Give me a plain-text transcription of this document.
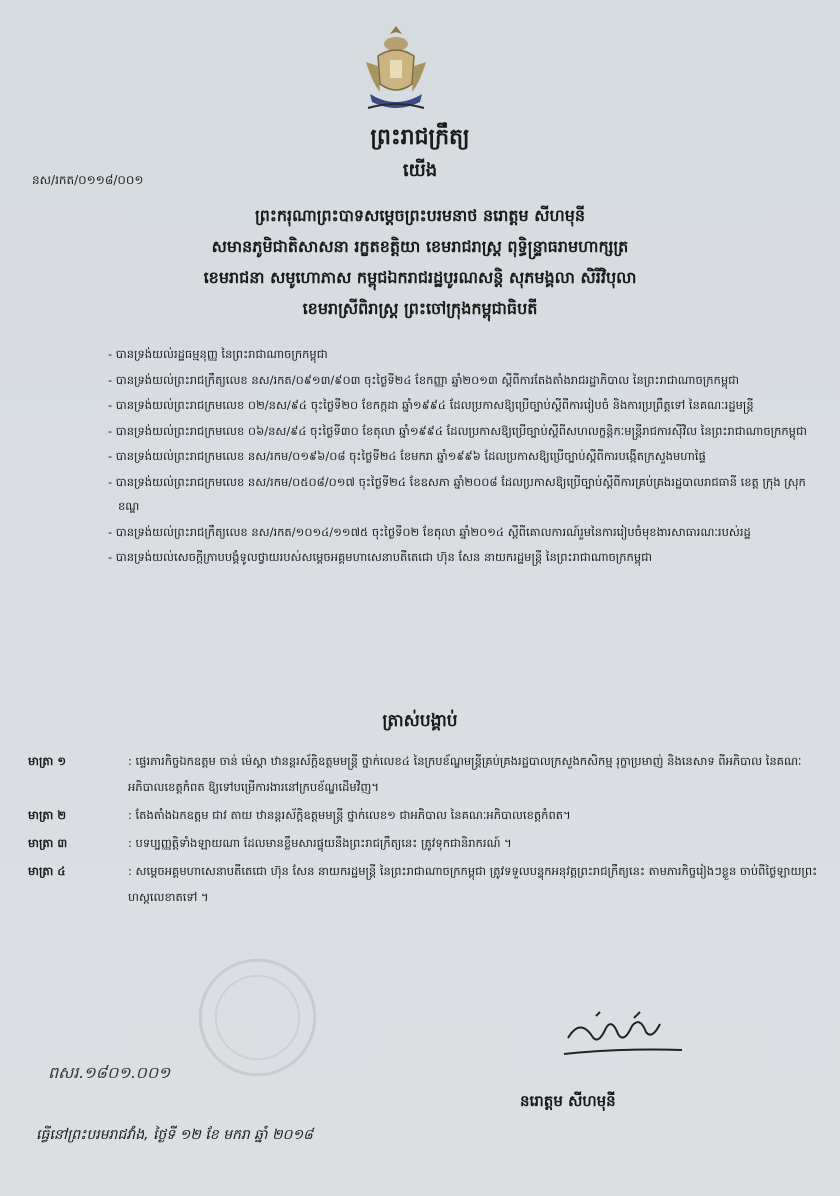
ព្រះរាជក្រឹត្យ
នស/រកត/០១១៨/០០១	យើង
ព្រះករុណាព្រះបាទសម្តេចព្រះបរមនាថ នរោត្តម សីហមុនី
សមានភូមិជាតិសាសនា រក្ខតខត្តិយា ខេមរាជរាស្ត្រ ពុទ្ធិន្ទ្រាធរាមហាក្សត្រ
ខេមរាជនា សមូហោភាស កម្ពុជឯករាជរដ្ឋបូរណសន្តិ សុភមង្គលា សិរីវិបុលា
ខេមរាស្រីពិរាស្ត្រ ព្រះចៅក្រុងកម្ពុជាធិបតី
- បានទ្រង់យល់រដ្ឋធម្មនុញ្ញ នៃព្រះរាជាណាចក្រកម្ពុជា
- បានទ្រង់យល់ព្រះរាជក្រឹត្យលេខ នស/រកត/០៩១៣/៩០៣ ចុះថ្ងៃទី២៤ ខែកញ្ញា ឆ្នាំ២០១៣ ស្តីពីការតែងតាំងរាជរដ្ឋាភិបាល នៃព្រះរាជាណាចក្រកម្ពុជា
- បានទ្រង់យល់ព្រះរាជក្រមលេខ ០២/នស/៩៤ ចុះថ្ងៃទី២០ ខែកក្កដា ឆ្នាំ១៩៩៤ ដែលប្រកាសឱ្យប្រើច្បាប់ស្តីពីការរៀបចំ និងការប្រព្រឹត្តទៅ នៃគណៈរដ្ឋមន្ត្រី
- បានទ្រង់យល់ព្រះរាជក្រមលេខ ០៦/នស/៩៤ ចុះថ្ងៃទី៣០ ខែតុលា ឆ្នាំ១៩៩៤ ដែលប្រកាសឱ្យប្រើច្បាប់ស្តីពីសហលក្ខន្តិកៈមន្ត្រីរាជការស៊ីវិល នៃព្រះរាជាណាចក្រកម្ពុជា
- បានទ្រង់យល់ព្រះរាជក្រមលេខ នស/រកម/០១៩៦/០៨ ចុះថ្ងៃទី២៤ ខែមករា ឆ្នាំ១៩៩៦ ដែលប្រកាសឱ្យប្រើច្បាប់ស្តីពីការបង្កើតក្រសួងមហាផ្ទៃ
- បានទ្រង់យល់ព្រះរាជក្រមលេខ នស/រកម/០៥០៨/០១៧ ចុះថ្ងៃទី២៤ ខែឧសភា ឆ្នាំ២០០៨ ដែលប្រកាសឱ្យប្រើច្បាប់ស្តីពីការគ្រប់គ្រងរដ្ឋបាលរាជធានី ខេត្ត ក្រុង ស្រុក ខណ្ឌ
- បានទ្រង់យល់ព្រះរាជក្រឹត្យលេខ នស/រកត/១០១៤/១១៧៥ ចុះថ្ងៃទី០២ ខែតុលា ឆ្នាំ២០១៤ ស្តីពីគោលការណ៍រួមនៃការរៀបចំមុខងារសាធារណៈរបស់រដ្ឋ
- បានទ្រង់យល់សេចក្តីក្រាបបង្គំទូលថ្វាយរបស់សម្តេចអគ្គមហាសេនាបតីតេជោ ហ៊ុន សែន នាយករដ្ឋមន្ត្រី នៃព្រះរាជាណាចក្រកម្ពុជា
ត្រាស់បង្គាប់
មាត្រា ១	: ផ្ទេរភារកិច្ចឯកឧត្តម ចាន់ ម៉េស្គា ឋានន្តរស័ក្តិឧត្តមមន្ត្រី ថ្នាក់លេខ៤ នៃក្របខ័ណ្ឌមន្ត្រីគ្រប់គ្រងរដ្ឋបាលក្រសួងកសិកម្ម រុក្ខាប្រមាញ់ និងនេសាទ ពីអភិបាល នៃគណៈអភិបាលខេត្តកំពត ឱ្យទៅបម្រើការងារនៅក្របខ័ណ្ឌដើមវិញ។
មាត្រា ២	: តែងតាំងឯកឧត្តម ជាវ តាយ ឋានន្តរស័ក្តិឧត្តមមន្ត្រី ថ្នាក់លេខ១ ជាអភិបាល នៃគណៈអភិបាលខេត្តកំពត។
មាត្រា ៣	: បទប្បញ្ញត្តិទាំងឡាយណា ដែលមានខ្លឹមសារផ្ទុយនឹងព្រះរាជក្រឹត្យនេះ ត្រូវទុកជានិរាករណ៍ ។
មាត្រា ៤	: សម្តេចអគ្គមហាសេនាបតីតេជោ ហ៊ុន សែន នាយករដ្ឋមន្ត្រី នៃព្រះរាជាណាចក្រកម្ពុជា ត្រូវទទួលបន្ទុកអនុវត្តព្រះរាជក្រឹត្យនេះ តាមភារកិច្ចរៀងៗខ្លួន ចាប់ពីថ្ងៃឡាយព្រះហស្តលេខាតទៅ ។
ពសរ.១៨០១.០០១
នរោត្តម សីហមុនី
ធ្វើនៅព្រះបរមរាជវាំង, ថ្ងៃទី ១២ ខែ មករា ឆ្នាំ ២០១៨
